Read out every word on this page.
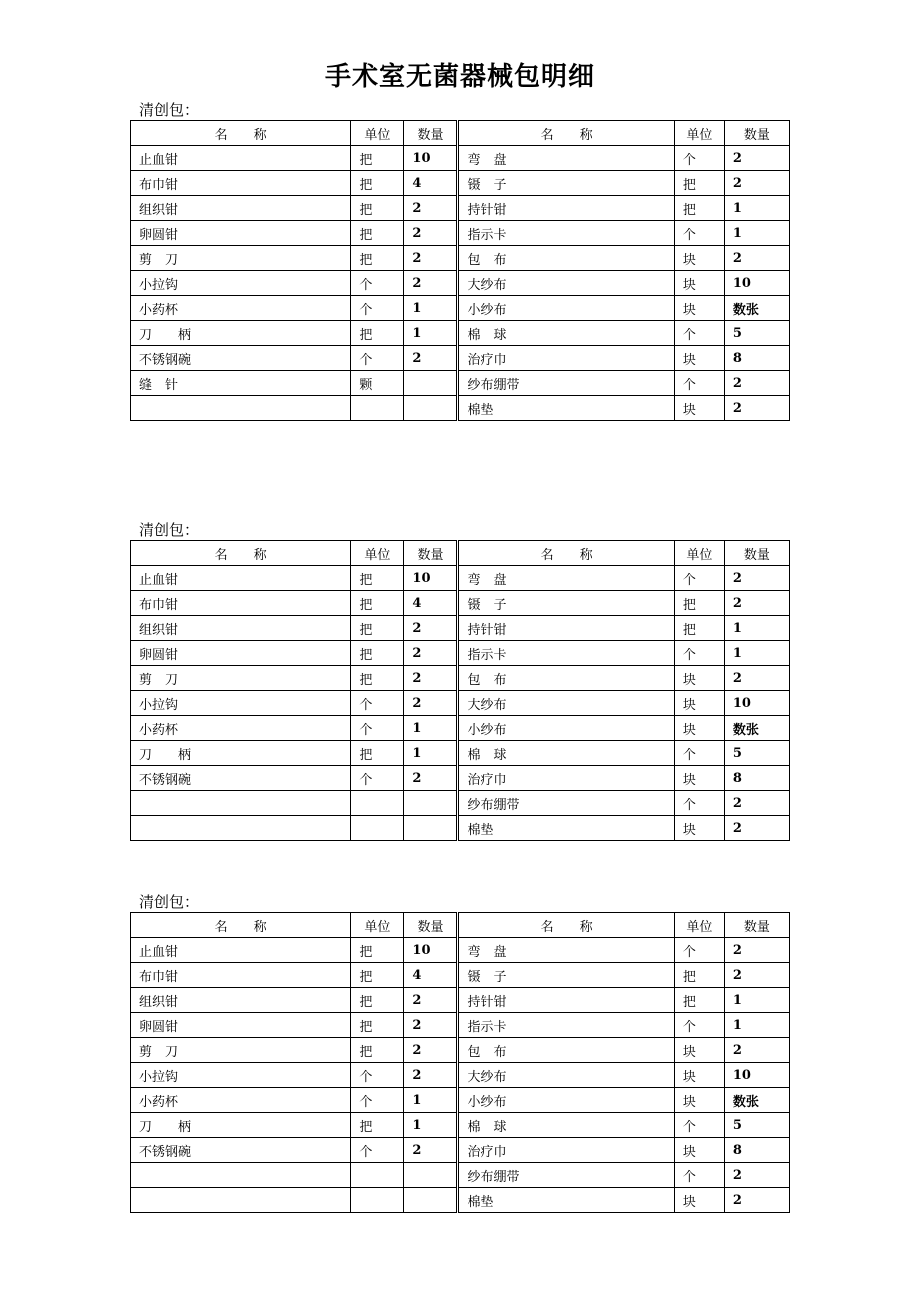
手术室无菌器械包明细
清创包：
名　　称	单位	数量	名　　称	单位	数量
止血钳	把	10	弯　盘	个	2
布巾钳	把	4	镊　子	把	2
组织钳	把	2	持针钳	把	1
卵圆钳	把	2	指示卡	个	1
剪　刀	把	2	包　布	块	2
小拉钩	个	2	大纱布	块	10
小药杯	个	1	小纱布	块	数张
刀　　柄	把	1	棉　球	个	5
不锈钢碗	个	2	治疗巾	块	8
缝　针	颗		纱布绷带	个	2
			棉垫	块	2
清创包：
名　　称	单位	数量	名　　称	单位	数量
止血钳	把	10	弯　盘	个	2
布巾钳	把	4	镊　子	把	2
组织钳	把	2	持针钳	把	1
卵圆钳	把	2	指示卡	个	1
剪　刀	把	2	包　布	块	2
小拉钩	个	2	大纱布	块	10
小药杯	个	1	小纱布	块	数张
刀　　柄	把	1	棉　球	个	5
不锈钢碗	个	2	治疗巾	块	8
			纱布绷带	个	2
			棉垫	块	2
清创包：
名　　称	单位	数量	名　　称	单位	数量
止血钳	把	10	弯　盘	个	2
布巾钳	把	4	镊　子	把	2
组织钳	把	2	持针钳	把	1
卵圆钳	把	2	指示卡	个	1
剪　刀	把	2	包　布	块	2
小拉钩	个	2	大纱布	块	10
小药杯	个	1	小纱布	块	数张
刀　　柄	把	1	棉　球	个	5
不锈钢碗	个	2	治疗巾	块	8
			纱布绷带	个	2
			棉垫	块	2
